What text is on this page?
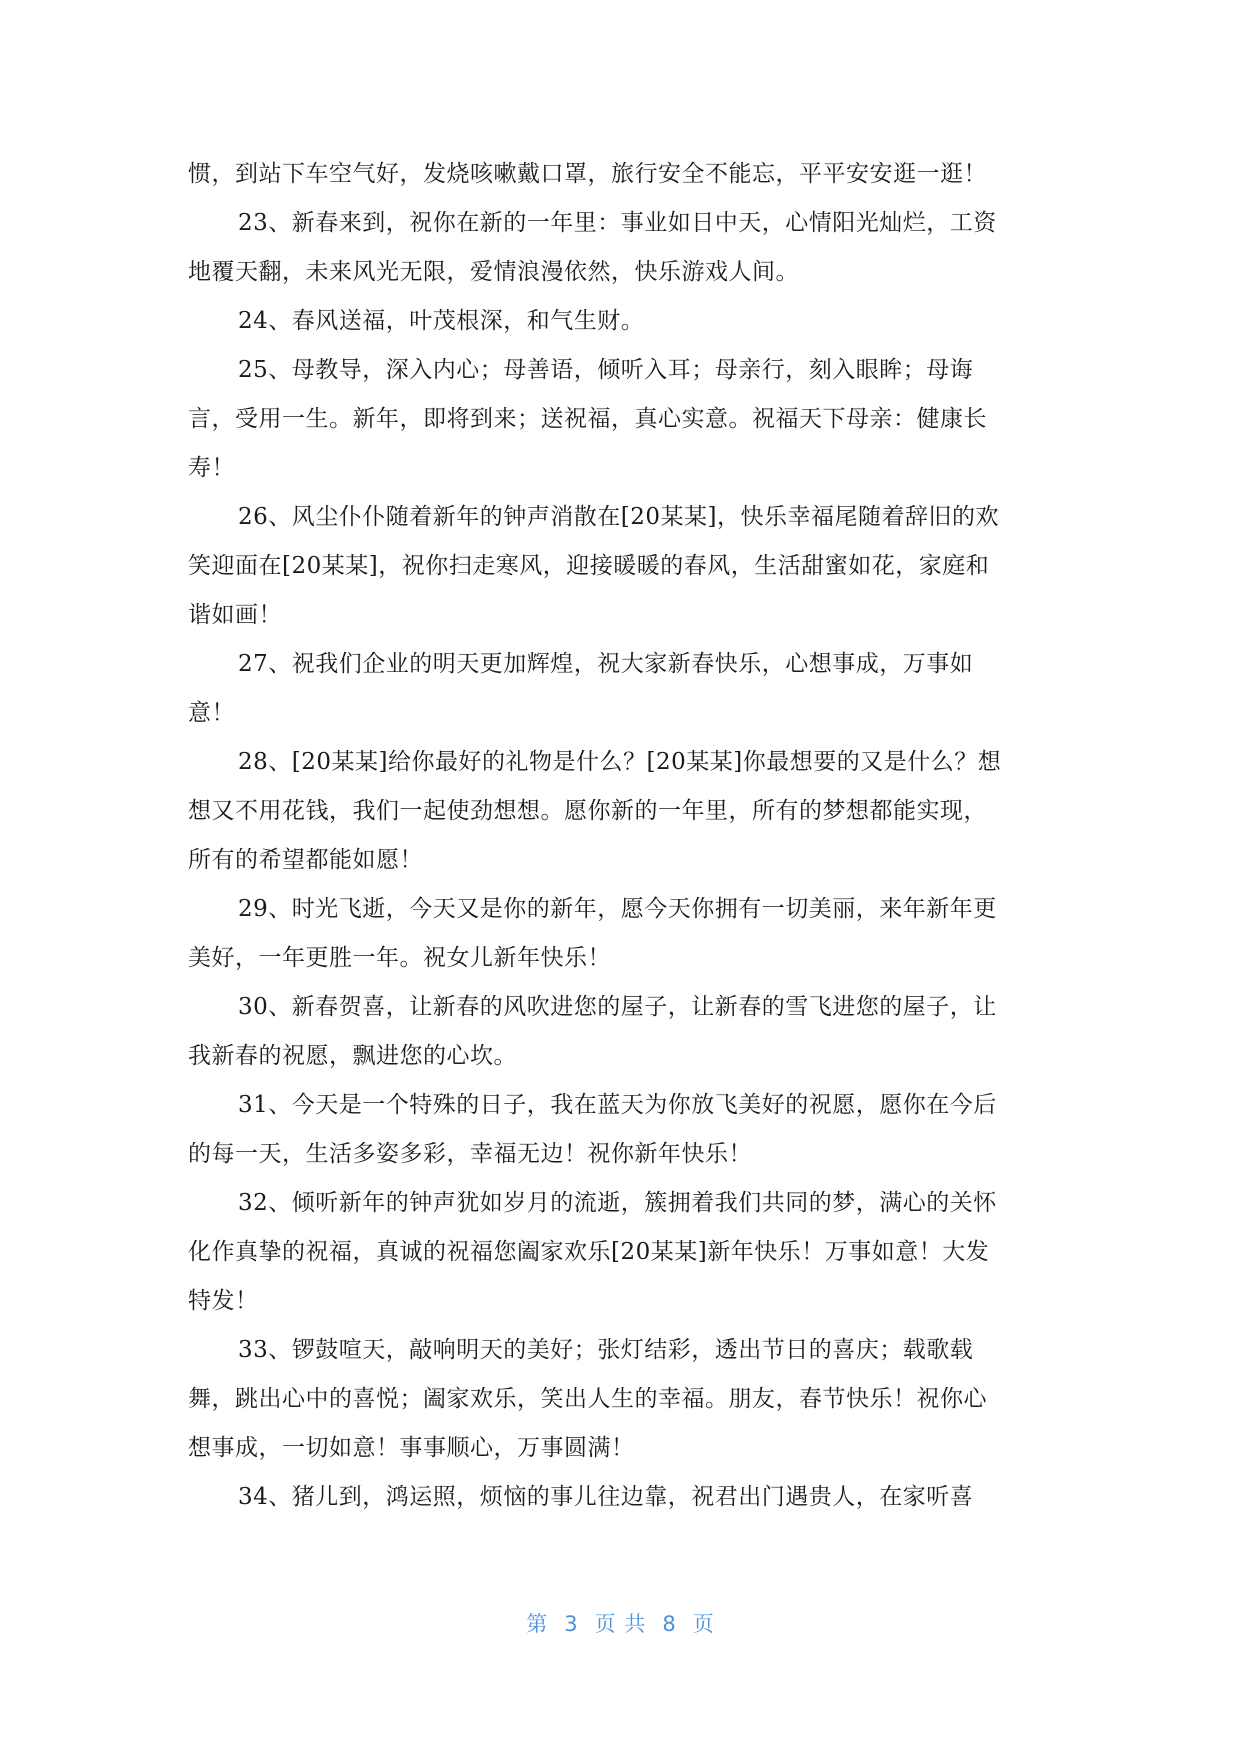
惯，到站下车空气好，发烧咳嗽戴口罩，旅行安全不能忘，平平安安逛一逛！
23、新春来到，祝你在新的一年里：事业如日中天，心情阳光灿烂，工资
地覆天翻，未来风光无限，爱情浪漫依然，快乐游戏人间。
24、春风送福，叶茂根深，和气生财。
25、母教导，深入内心；母善语，倾听入耳；母亲行，刻入眼眸；母诲
言，受用一生。新年，即将到来；送祝福，真心实意。祝福天下母亲：健康长
寿！
26、风尘仆仆随着新年的钟声消散在[20某某]，快乐幸福尾随着辞旧的欢
笑迎面在[20某某]，祝你扫走寒风，迎接暖暖的春风，生活甜蜜如花，家庭和
谐如画！
27、祝我们企业的明天更加辉煌，祝大家新春快乐，心想事成，万事如
意！
28、[20某某]给你最好的礼物是什么？[20某某]你最想要的又是什么？想
想又不用花钱，我们一起使劲想想。愿你新的一年里，所有的梦想都能实现，
所有的希望都能如愿！
29、时光飞逝，今天又是你的新年，愿今天你拥有一切美丽，来年新年更
美好，一年更胜一年。祝女儿新年快乐！
30、新春贺喜，让新春的风吹进您的屋子，让新春的雪飞进您的屋子，让
我新春的祝愿，飘进您的心坎。
31、今天是一个特殊的日子，我在蓝天为你放飞美好的祝愿，愿你在今后
的每一天，生活多姿多彩，幸福无边！祝你新年快乐！
32、倾听新年的钟声犹如岁月的流逝，簇拥着我们共同的梦，满心的关怀
化作真挚的祝福，真诚的祝福您阖家欢乐[20某某]新年快乐！万事如意！大发
特发！
33、锣鼓喧天，敲响明天的美好；张灯结彩，透出节日的喜庆；载歌载
舞，跳出心中的喜悦；阖家欢乐，笑出人生的幸福。朋友，春节快乐！祝你心
想事成，一切如意！事事顺心，万事圆满！
34、猪儿到，鸿运照，烦恼的事儿往边靠，祝君出门遇贵人，在家听喜
第 3 页 共 8 页
